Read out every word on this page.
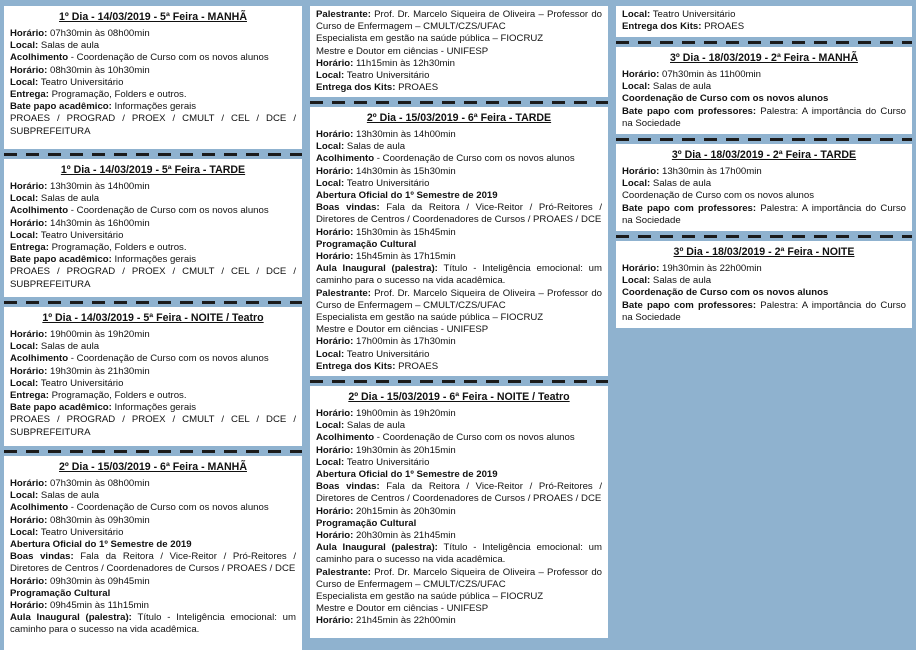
1º Dia - 14/03/2019 - 5ª Feira - MANHÃ
Horário: 07h30min às 08h00min
Local: Salas de aula
Acolhimento - Coordenação de Curso com os novos alunos
Horário: 08h30min às 10h30min
Local: Teatro Universitário
Entrega: Programação, Folders e outros.
Bate papo acadêmico: Informações gerais
PROAES / PROGRAD / PROEX / CMULT / CEL / DCE / SUBPREFEITURA
1º Dia - 14/03/2019 - 5ª Feira - TARDE
Horário: 13h30min às 14h00min
Local: Salas de aula
Acolhimento - Coordenação de Curso com os novos alunos
Horário: 14h30min às 16h00min
Local: Teatro Universitário
Entrega: Programação, Folders e outros.
Bate papo acadêmico: Informações gerais
PROAES / PROGRAD / PROEX / CMULT / CEL / DCE / SUBPREFEITURA
1º Dia - 14/03/2019 - 5ª Feira - NOITE / Teatro
Horário: 19h00min às 19h20min
Local: Salas de aula
Acolhimento - Coordenação de Curso com os novos alunos
Horário: 19h30min às 21h30min
Local: Teatro Universitário
Entrega: Programação, Folders e outros.
Bate papo acadêmico: Informações gerais
PROAES / PROGRAD / PROEX / CMULT / CEL / DCE / SUBPREFEITURA
2º Dia - 15/03/2019 - 6ª Feira - MANHÃ
Horário: 07h30min às 08h00min
Local: Salas de aula
Acolhimento - Coordenação de Curso com os novos alunos
Horário: 08h30min às 09h30min
Local: Teatro Universitário
Abertura Oficial do 1º Semestre de 2019
Boas vindas: Fala da Reitora / Vice-Reitor / Pró-Reitores / Diretores de Centros / Coordenadores de Cursos / PROAES / DCE
Horário: 09h30min às 09h45min
Programação Cultural
Horário: 09h45min às 11h15min
Aula Inaugural (palestra): Título - Inteligência emocional: um caminho para o sucesso na vida acadêmica.
Palestrante: Prof. Dr. Marcelo Siqueira de Oliveira – Professor do Curso de Enfermagem – CMULT/CZS/UFAC
Especialista em gestão na saúde pública – FIOCRUZ
Mestre e Doutor em ciências - UNIFESP
Horário: 11h15min às 12h30min
Local: Teatro Universitário
Entrega dos Kits: PROAES
2º Dia - 15/03/2019 - 6ª Feira - TARDE
Horário: 13h30min às 14h00min
Local: Salas de aula
Acolhimento - Coordenação de Curso com os novos alunos
Horário: 14h30min às 15h30min
Local: Teatro Universitário
Abertura Oficial do 1º Semestre de 2019
Boas vindas: Fala da Reitora / Vice-Reitor / Pró-Reitores / Diretores de Centros / Coordenadores de Cursos / PROAES / DCE
Horário: 15h30min às 15h45min
Programação Cultural
Horário: 15h45min às 17h15min
Aula Inaugural (palestra): Título - Inteligência emocional: um caminho para o sucesso na vida acadêmica.
Palestrante: Prof. Dr. Marcelo Siqueira de Oliveira – Professor do Curso de Enfermagem – CMULT/CZS/UFAC
Especialista em gestão na saúde pública – FIOCRUZ
Mestre e Doutor em ciências - UNIFESP
Horário: 17h00min às 17h30min
Local: Teatro Universitário
Entrega dos Kits: PROAES
2º Dia - 15/03/2019 - 6ª Feira - NOITE / Teatro
Horário: 19h00min às 19h20min
Local: Salas de aula
Acolhimento - Coordenação de Curso com os novos alunos
Horário: 19h30min às 20h15min
Local: Teatro Universitário
Abertura Oficial do 1º Semestre de 2019
Boas vindas: Fala da Reitora / Vice-Reitor / Pró-Reitores / Diretores de Centros / Coordenadores de Cursos / PROAES / DCE
Horário: 20h15min às 20h30min
Programação Cultural
Horário: 20h30min às 21h45min
Aula Inaugural (palestra): Título - Inteligência emocional: um caminho para o sucesso na vida acadêmica.
Palestrante: Prof. Dr. Marcelo Siqueira de Oliveira – Professor do Curso de Enfermagem – CMULT/CZS/UFAC
Especialista em gestão na saúde pública – FIOCRUZ
Mestre e Doutor em ciências - UNIFESP
Horário: 21h45min às 22h00min
Local: Teatro Universitário
Entrega dos Kits: PROAES
3º Dia - 18/03/2019 - 2ª Feira - MANHÃ
Horário: 07h30min às 11h00min
Local: Salas de aula
Coordenação de Curso com os novos alunos
Bate papo com professores: Palestra: A importância do Curso na Sociedade
3º Dia - 18/03/2019 - 2ª Feira - TARDE
Horário: 13h30min às 17h00min
Local: Salas de aula
Coordenação de Curso com os novos alunos
Bate papo com professores: Palestra: A importância do Curso na Sociedade
3º Dia - 18/03/2019 - 2ª Feira - NOITE
Horário: 19h30min às 22h00min
Local: Salas de aula
Coordenação de Curso com os novos alunos
Bate papo com professores: Palestra: A importância do Curso na Sociedade
